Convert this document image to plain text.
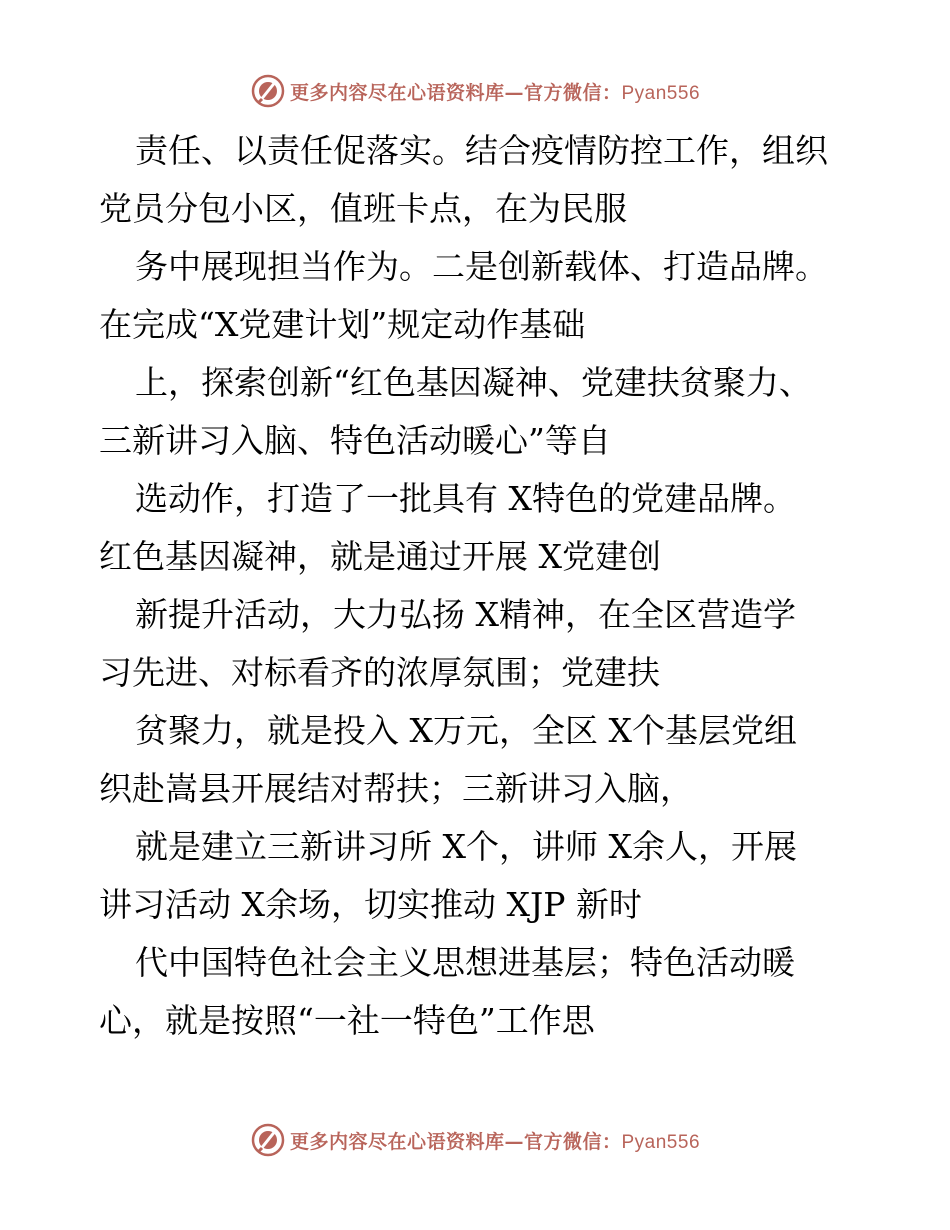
更多内容尽在心语资料库—官方微信：Pyan556
责任、以责任促落实。结合疫情防控工作，组织
党员分包小区，值班卡点，在为民服
务中展现担当作为。二是创新载体、打造品牌。
在完成“X党建计划”规定动作基础
上，探索创新“红色基因凝神、党建扶贫聚力、
三新讲习入脑、特色活动暖心”等自
选动作，打造了一批具有 X特色的党建品牌。
红色基因凝神，就是通过开展 X党建创
新提升活动，大力弘扬 X精神，在全区营造学
习先进、对标看齐的浓厚氛围；党建扶
贫聚力，就是投入 X万元，全区 X个基层党组
织赴嵩县开展结对帮扶；三新讲习入脑，
就是建立三新讲习所 X个，讲师 X余人，开展
讲习活动 X余场，切实推动 XJP 新时
代中国特色社会主义思想进基层；特色活动暖
心，就是按照“一社一特色”工作思
更多内容尽在心语资料库—官方微信：Pyan556
